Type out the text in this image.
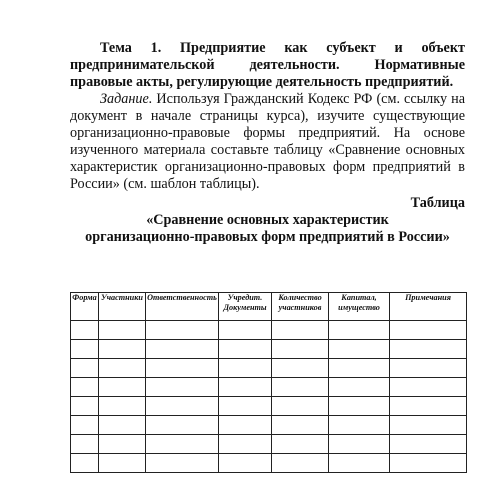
Тема 1. Предприятие как субъект и объект предпринимательской деятельности. Нормативные правовые акты, регулирующие деятельность предприятий.

Задание. Используя Гражданский Кодекс РФ (см. ссылку на документ в начале страницы курса), изучите существующие организационно-правовые формы предприятий. На основе изученного материала составьте таблицу «Сравнение основных характеристик организационно-правовых форм предприятий в России» (см. шаблон таблицы).

Таблица

«Сравнение основных характеристик

организационно-правовых форм предприятий в России»

Форма	Участники	Ответственность	Учредит. Документы	Количество участников	Капитал, имущество	Примечания
